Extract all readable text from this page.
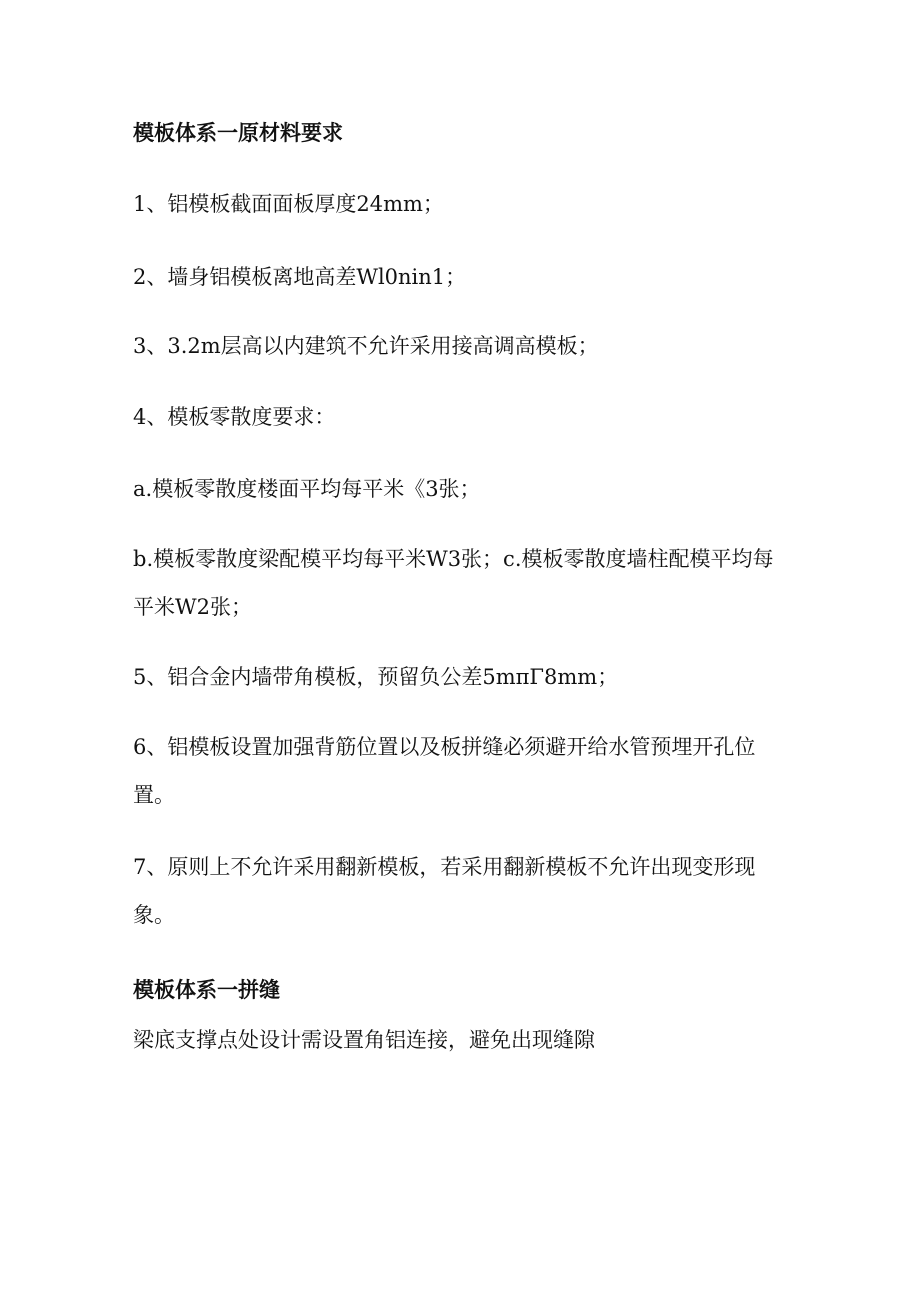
模板体系一原材料要求
1、铝模板截面面板厚度24mm；
2、墙身铝模板离地高差Wl0nin1；
3、3.2m层高以内建筑不允许采用接高调高模板；
4、模板零散度要求：
a.模板零散度楼面平均每平米《3张；
b.模板零散度梁配模平均每平米W3张；c.模板零散度墙柱配模平均每平米W2张；
5、铝合金内墙带角模板，预留负公差5mπΓ8mm；
6、铝模板设置加强背筋位置以及板拼缝必须避开给水管预埋开孔位置。
7、原则上不允许采用翻新模板，若采用翻新模板不允许出现变形现象。
模板体系一拼缝
梁底支撑点处设计需设置角铝连接，避免出现缝隙
